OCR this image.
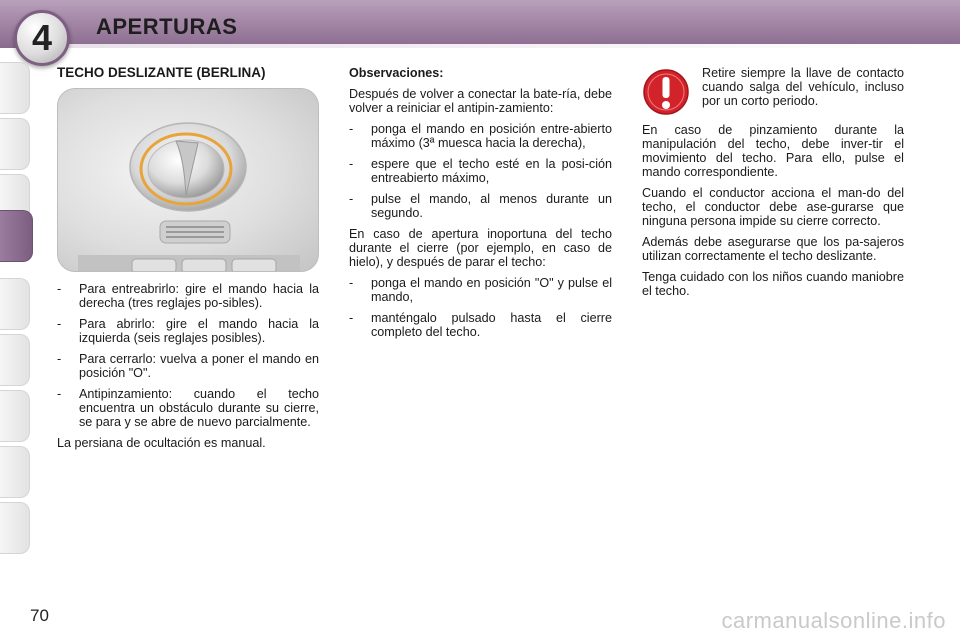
4	APERTURAS
TECHO DESLIZANTE (BERLINA)
-	Para entreabrirlo: gire el mando hacia la derecha (tres reglajes po-sibles).
-	Para abrirlo: gire el mando hacia la izquierda (seis reglajes posibles).
-	Para cerrarlo: vuelva a poner el mando en posición "O".
-	Antipinzamiento: cuando el techo encuentra un obstáculo durante su cierre, se para y se abre de nuevo parcialmente.

La persiana de ocultación es manual.

Observaciones:

Después de volver a conectar la bate-ría, debe volver a reiniciar el antipin-zamiento:

-	ponga el mando en posición entre-abierto máximo (3ª muesca hacia la derecha),
-	espere que el techo esté en la posi-ción entreabierto máximo,
-	pulse el mando, al menos durante un segundo.

En caso de apertura inoportuna del techo durante el cierre (por ejemplo, en caso de hielo), y después de parar el techo:

-	ponga el mando en posición "O" y pulse el mando,
-	manténgalo pulsado hasta el cierre completo del techo.
Retire siempre la llave de contacto cuando salga del vehículo, incluso por un corto periodo.

En caso de pinzamiento durante la manipulación del techo, debe inver-tir el movimiento del techo. Para ello, pulse el mando correspondiente.

Cuando el conductor acciona el man-do del techo, el conductor debe ase-gurarse que ninguna persona impide su cierre correcto.

Además debe asegurarse que los pa-sajeros utilizan correctamente el techo deslizante.

Tenga cuidado con los niños cuando maniobre el techo.

70	carmanualsonline.info
